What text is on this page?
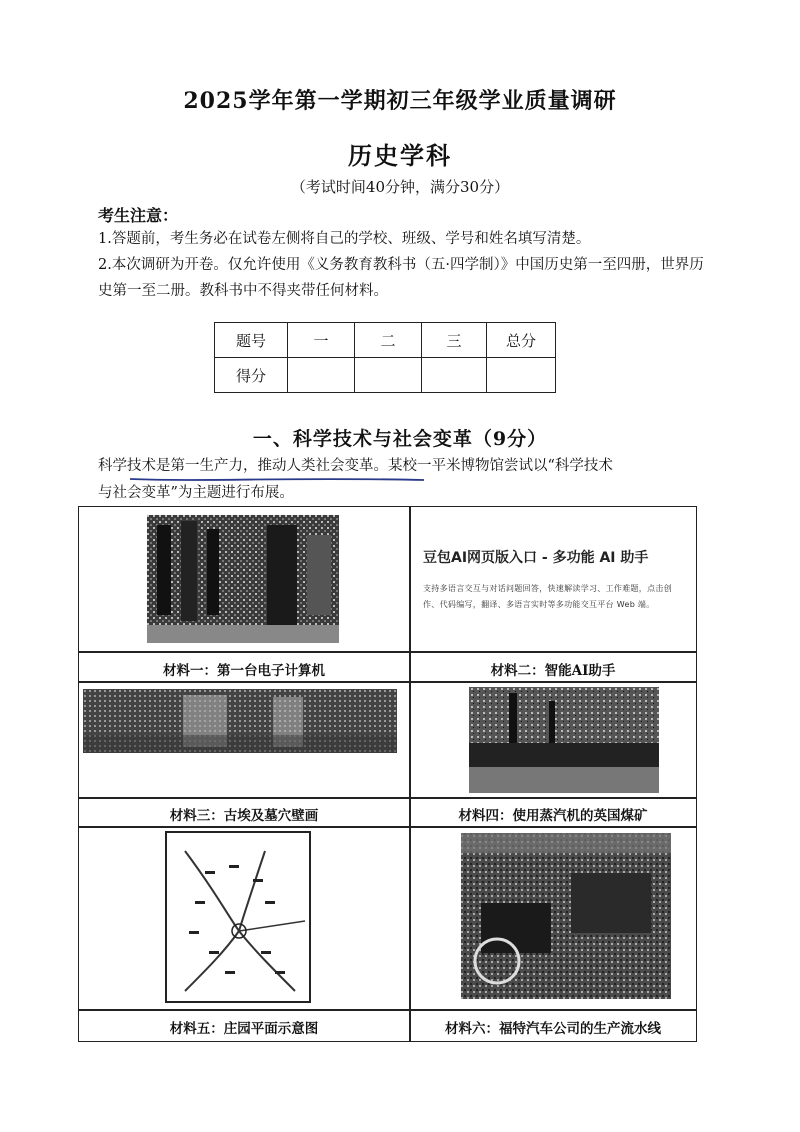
2025学年第一学期初三年级学业质量调研
历史学科
（考试时间40分钟，满分30分）
考生注意：
1.答题前，考生务必在试卷左侧将自己的学校、班级、学号和姓名填写清楚。
2.本次调研为开卷。仅允许使用《义务教育教科书（五·四学制）》中国历史第一至四册，世界历史第一至二册。教科书中不得夹带任何材料。
题号	一	二	三	总分
得分				
一、科学技术与社会变革（9分）
科学技术是第一生产力，推动人类社会变革。某校一平米博物馆尝试以“科学技术
与社会变革”为主题进行布展。
豆包AI网页版入口 - 多功能 AI 助手
支持多语言交互与对话问题回答，快速解读学习、工作难题，点击创作、代码编写，翻译、多语言实时等多功能交互平台 Web 端。
材料一：第一台电子计算机	材料二：智能AI助手
材料三：古埃及墓穴壁画	材料四：使用蒸汽机的英国煤矿
材料五：庄园平面示意图	材料六：福特汽车公司的生产流水线
